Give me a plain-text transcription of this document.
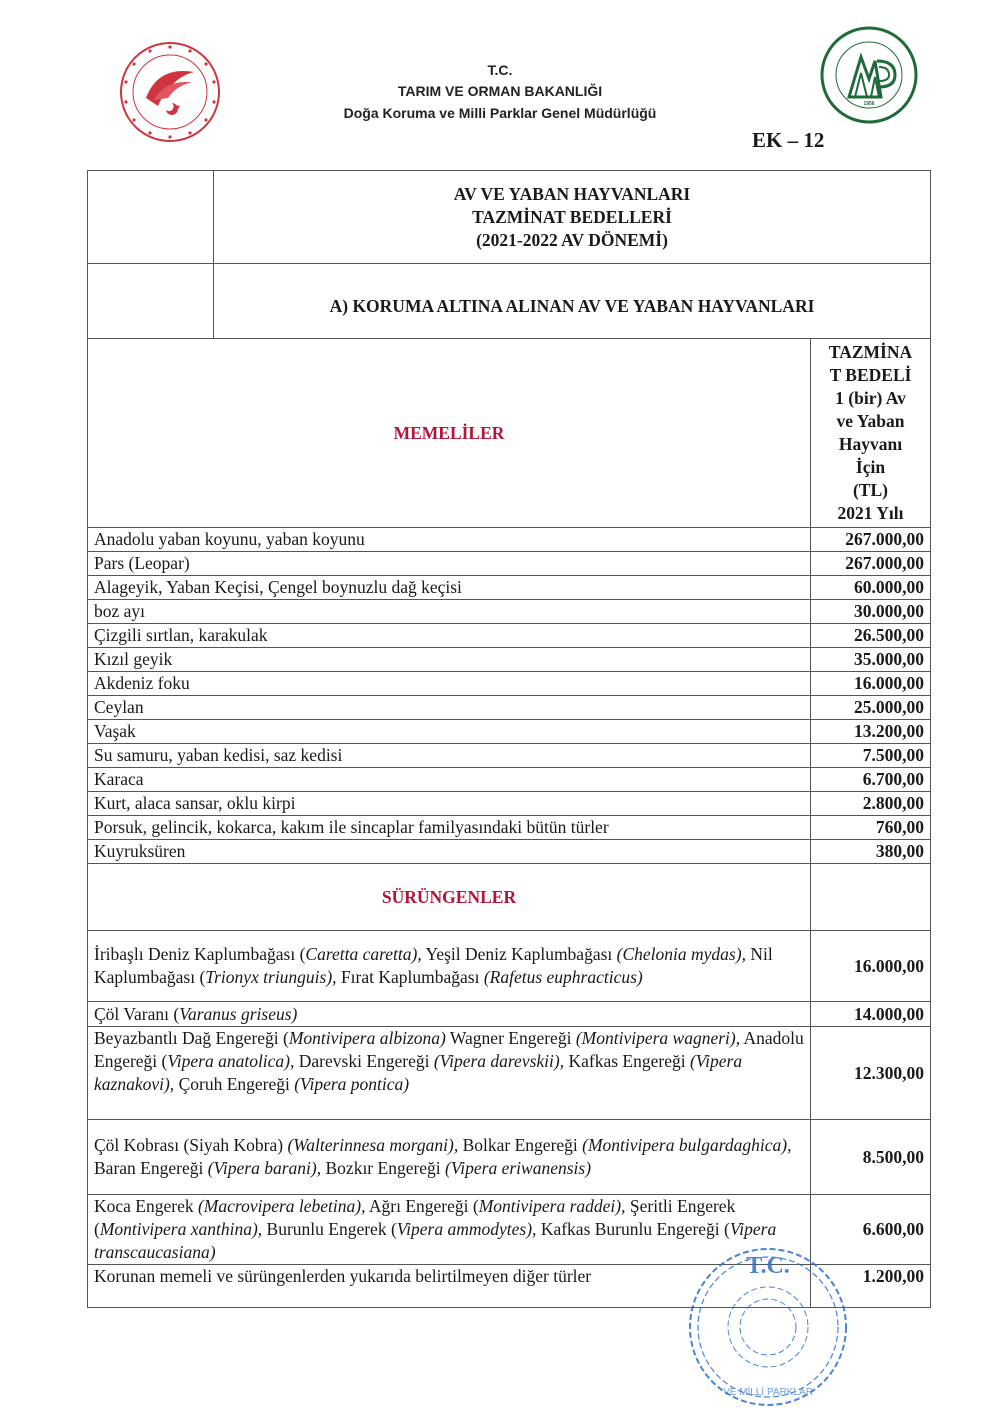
T.C.
TARIM VE ORMAN BAKANLIĞI
Doğa Koruma ve Milli Parklar Genel Müdürlüğü
1956
EK – 12

	AV VE YABAN HAYVANLARI
TAZMİNAT BEDELLERİ
(2021-2022 AV DÖNEMİ)	

	A) KORUMA ALTINA ALINAN AV VE YABAN HAYVANLARI	
MEMELİLER	
TAZMİNA
T BEDELİ
1 (bir) Av
ve Yaban
Hayvanı
İçin
(TL)
2021 Yılı

Anadolu yaban koyunu, yaban koyunu		267.000,00
Pars (Leopar)		267.000,00
Alageyik, Yaban Keçisi, Çengel boynuzlu dağ keçisi		60.000,00
boz ayı		30.000,00
Çizgili sırtlan, karakulak		26.500,00
Kızıl geyik		35.000,00
Akdeniz foku		16.000,00
Ceylan		25.000,00
Vaşak		13.200,00
Su samuru, yaban kedisi, saz kedisi		7.500,00
Karaca		6.700,00
Kurt, alaca sansar, oklu kirpi		2.800,00
Porsuk, gelincik, kokarca, kakım ile sincaplar familyasındaki bütün türler		760,00
Kuyruksüren		380,00
SÜRÜNGENLER		
İribaşlı Deniz Kaplumbağası (Caretta caretta), Yeşil Deniz Kaplumbağası (Chelonia mydas), Nil Kaplumbağası (Trionyx triunguis), Fırat Kaplumbağası (Rafetus euphracticus)		16.000,00
Çöl Varanı (Varanus griseus)		14.000,00
Beyazbantlı Dağ Engereği (Montivipera albizona) Wagner Engereği (Montivipera wagneri), Anadolu Engereği (Vipera anatolica), Darevski Engereği (Vipera darevskii), Kafkas Engereği (Vipera kaznakovi), Çoruh Engereği (Vipera pontica)		12.300,00
Çöl Kobrası (Siyah Kobra) (Walterinnesa morgani), Bolkar Engereği (Montivipera bulgardaghica), Baran Engereği (Vipera barani), Bozkır Engereği (Vipera eriwanensis)		8.500,00
Koca Engerek (Macrovipera lebetina), Ağrı Engereği (Montivipera raddei), Şeritli Engerek (Montivipera xanthina), Burunlu Engerek (Vipera ammodytes), Kafkas Burunlu Engereği (Vipera transcaucasiana)		6.600,00
Korunan memeli ve sürüngenlerden yukarıda belirtilmeyen diğer türler		1.200,00
T.C.
VE MİLLİ PARKLAR
